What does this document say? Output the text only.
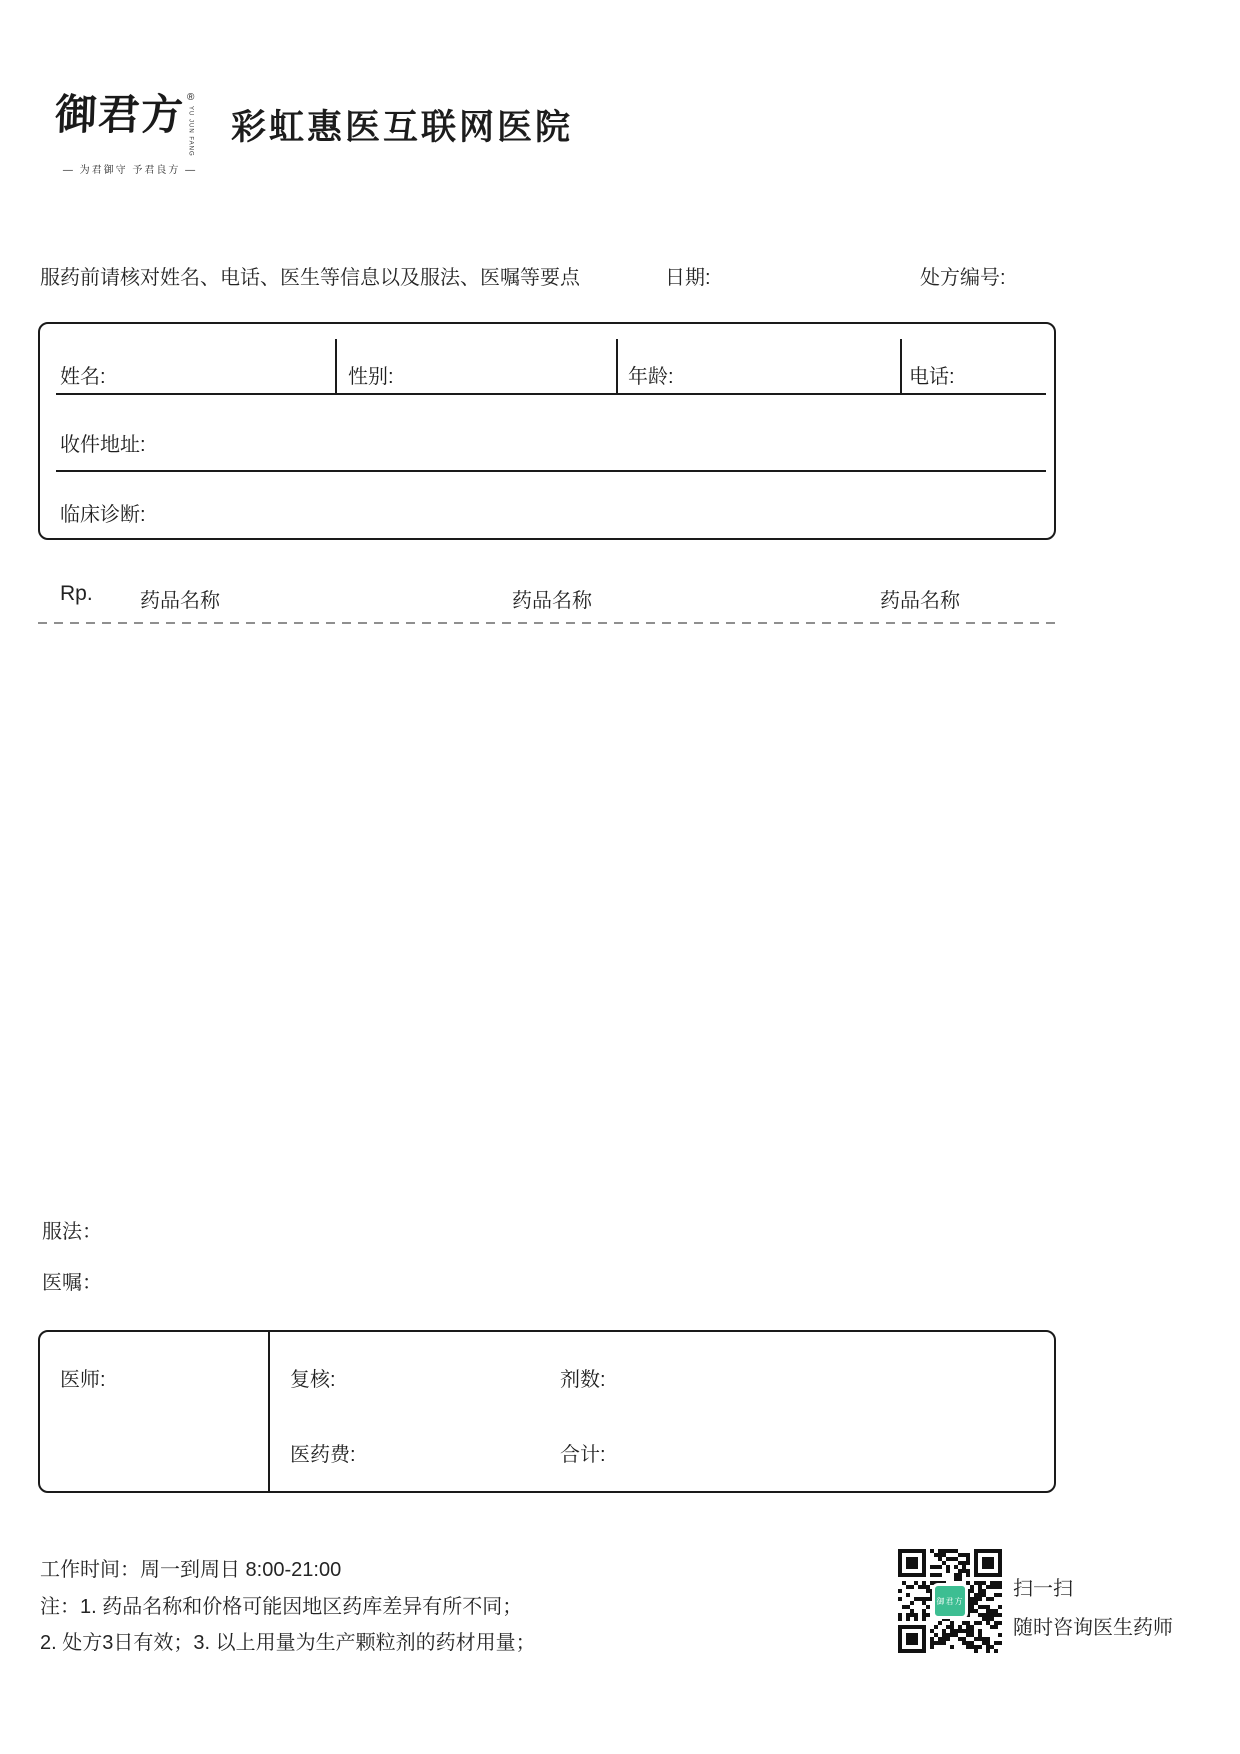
御君方 ®
YU JUN FANG
— 为君御守 予君良方 —
彩虹惠医互联网医院
服药前请核对姓名、电话、医生等信息以及服法、医嘱等要点	日期:	处方编号:
姓名:	性别:	年龄:	电话:
收件地址:
临床诊断:
Rp. 药品名称	药品名称	药品名称
服法：
医嘱：
医师:	复核:	剂数:
医药费:	合计:
工作时间：周一到周日 8:00-21:00
注：1. 药品名称和价格可能因地区药库差异有所不同；
2. 处方3日有效；3. 以上用量为生产颗粒剂的药材用量；
御君方
扫一扫
随时咨询医生药师
